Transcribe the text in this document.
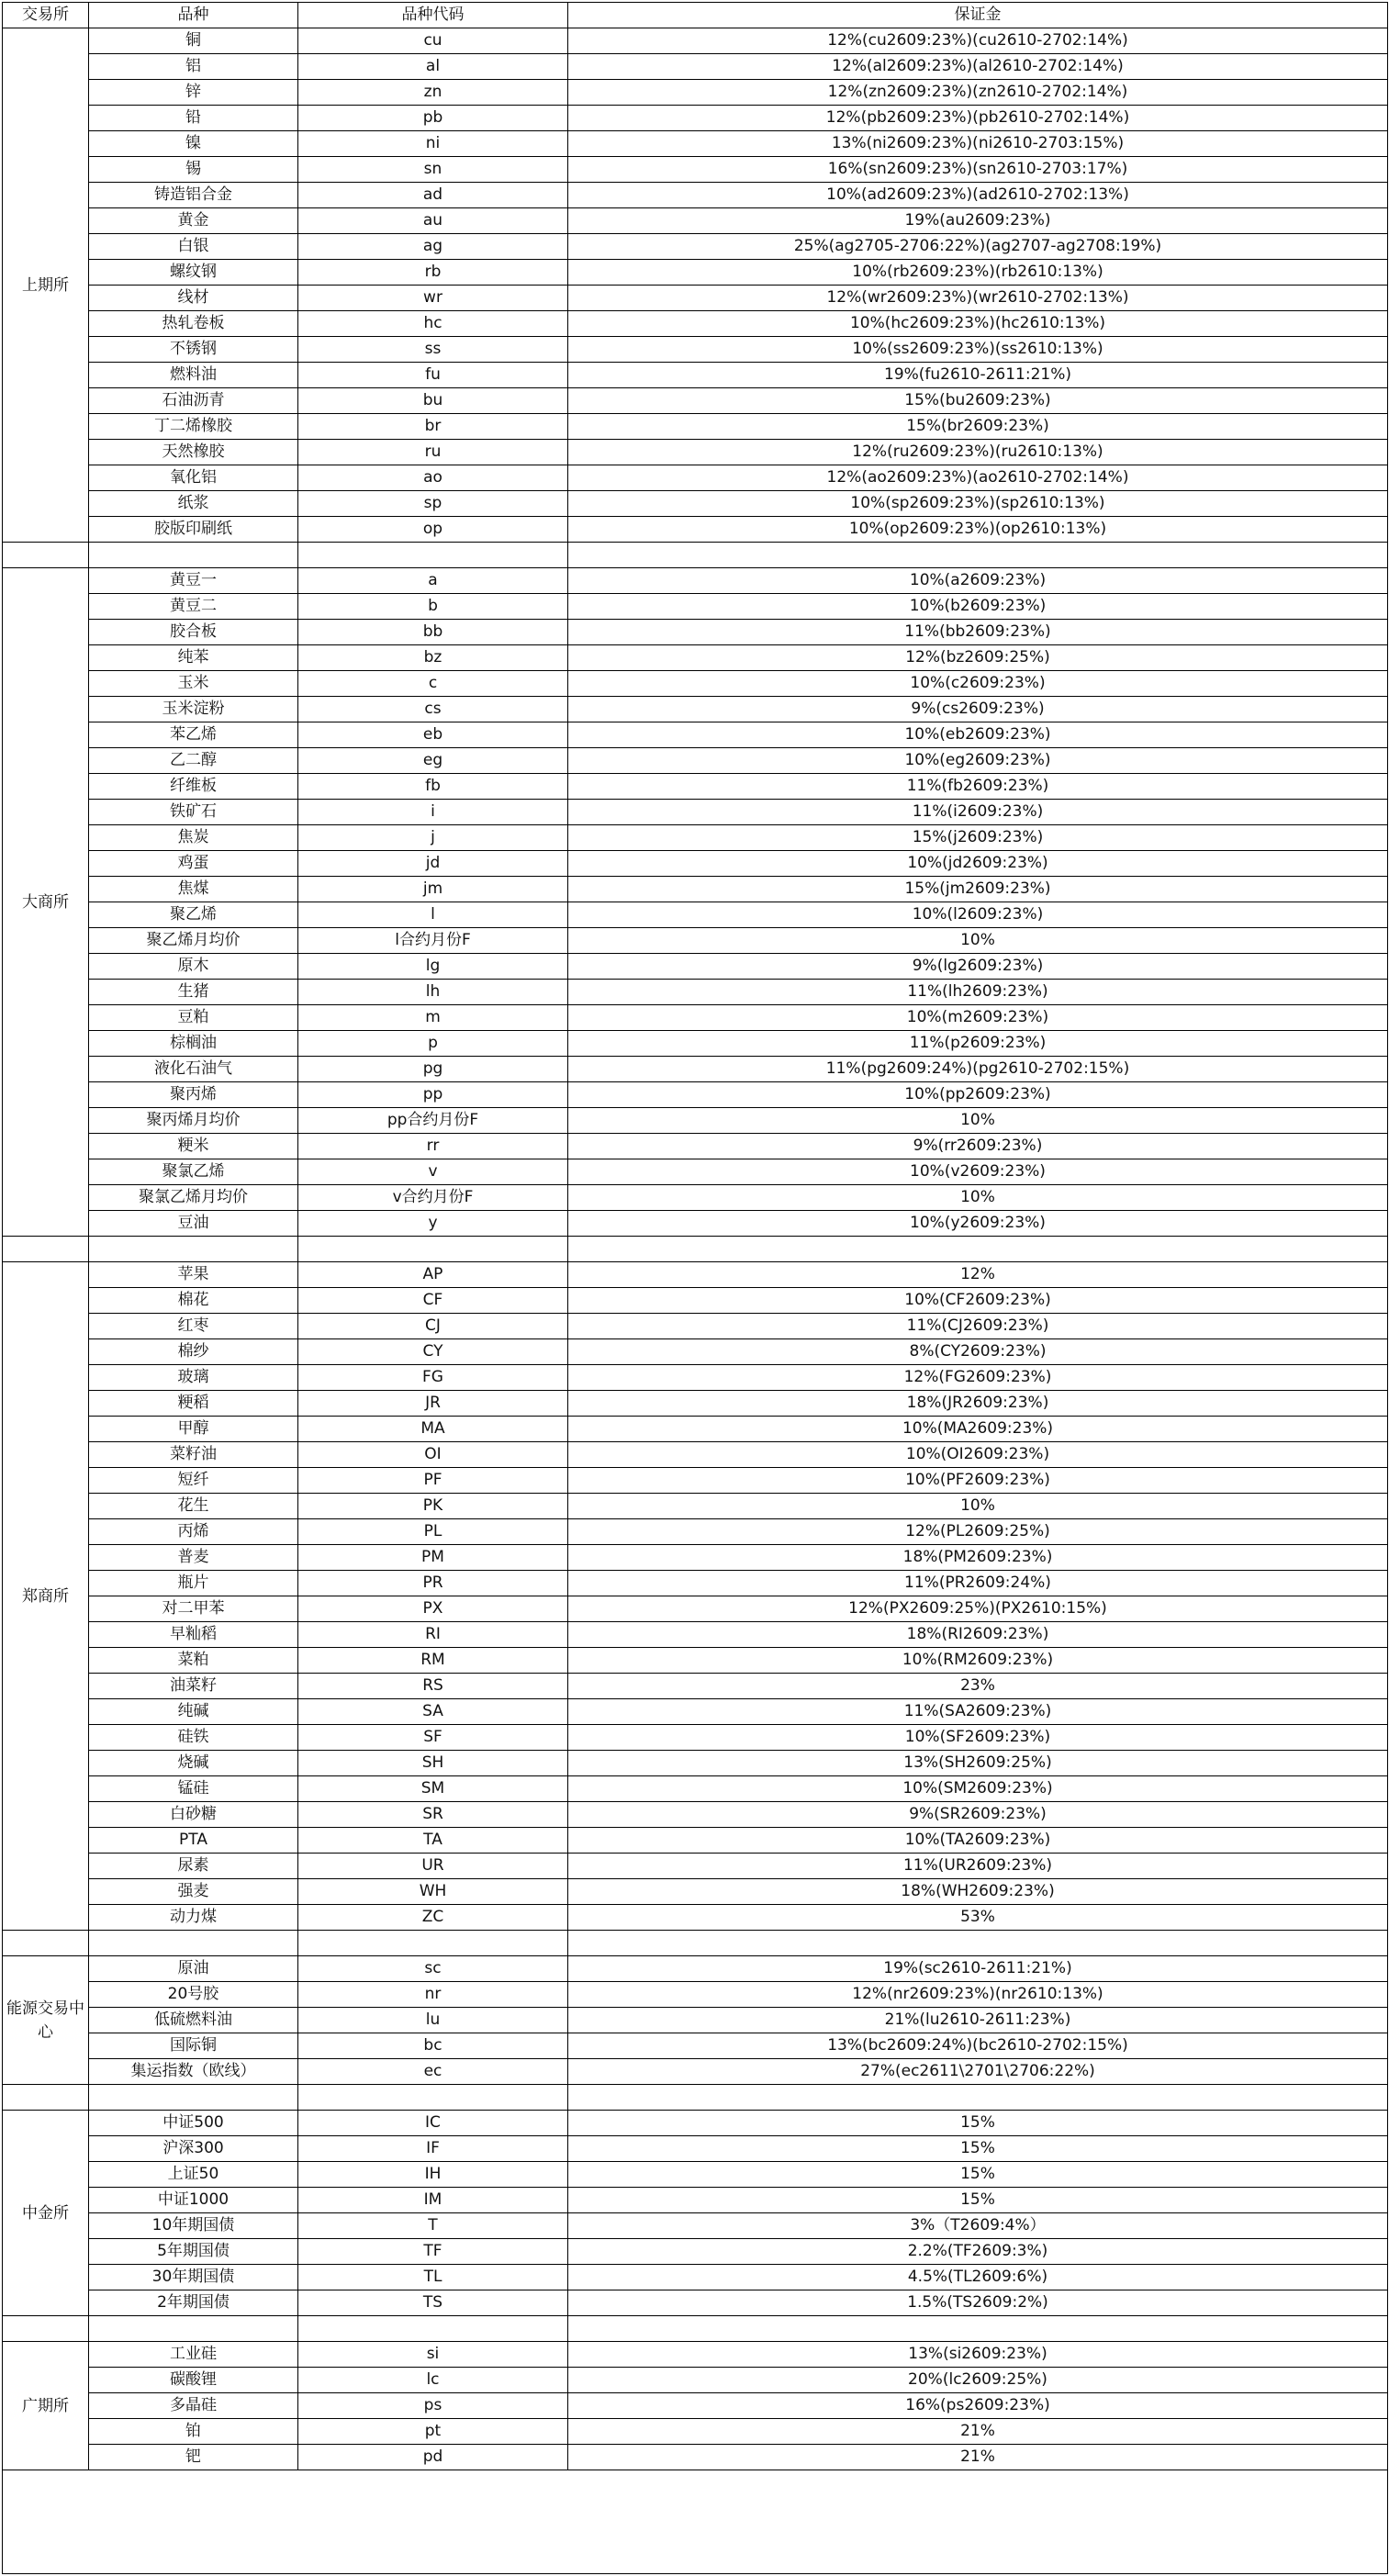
交易所	品种	品种代码	保证金
上期所	铜	cu	12%(cu2609:23%)(cu2610-2702:14%)
	铝	al	12%(al2609:23%)(al2610-2702:14%)
	锌	zn	12%(zn2609:23%)(zn2610-2702:14%)
	铅	pb	12%(pb2609:23%)(pb2610-2702:14%)
	镍	ni	13%(ni2609:23%)(ni2610-2703:15%)
	锡	sn	16%(sn2609:23%)(sn2610-2703:17%)
	铸造铝合金	ad	10%(ad2609:23%)(ad2610-2702:13%)
	黄金	au	19%(au2609:23%)
	白银	ag	25%(ag2705-2706:22%)(ag2707-ag2708:19%)
	螺纹钢	rb	10%(rb2609:23%)(rb2610:13%)
	线材	wr	12%(wr2609:23%)(wr2610-2702:13%)
	热轧卷板	hc	10%(hc2609:23%)(hc2610:13%)
	不锈钢	ss	10%(ss2609:23%)(ss2610:13%)
	燃料油	fu	19%(fu2610-2611:21%)
	石油沥青	bu	15%(bu2609:23%)
	丁二烯橡胶	br	15%(br2609:23%)
	天然橡胶	ru	12%(ru2609:23%)(ru2610:13%)
	氧化铝	ao	12%(ao2609:23%)(ao2610-2702:14%)
	纸浆	sp	10%(sp2609:23%)(sp2610:13%)
	胶版印刷纸	op	10%(op2609:23%)(op2610:13%)

大商所	黄豆一	a	10%(a2609:23%)
	黄豆二	b	10%(b2609:23%)
	胶合板	bb	11%(bb2609:23%)
	纯苯	bz	12%(bz2609:25%)
	玉米	c	10%(c2609:23%)
	玉米淀粉	cs	9%(cs2609:23%)
	苯乙烯	eb	10%(eb2609:23%)
	乙二醇	eg	10%(eg2609:23%)
	纤维板	fb	11%(fb2609:23%)
	铁矿石	i	11%(i2609:23%)
	焦炭	j	15%(j2609:23%)
	鸡蛋	jd	10%(jd2609:23%)
	焦煤	jm	15%(jm2609:23%)
	聚乙烯	l	10%(l2609:23%)
	聚乙烯月均价	l合约月份F	10%
	原木	lg	9%(lg2609:23%)
	生猪	lh	11%(lh2609:23%)
	豆粕	m	10%(m2609:23%)
	棕榈油	p	11%(p2609:23%)
	液化石油气	pg	11%(pg2609:24%)(pg2610-2702:15%)
	聚丙烯	pp	10%(pp2609:23%)
	聚丙烯月均价	pp合约月份F	10%
	粳米	rr	9%(rr2609:23%)
	聚氯乙烯	v	10%(v2609:23%)
	聚氯乙烯月均价	v合约月份F	10%
	豆油	y	10%(y2609:23%)

郑商所	苹果	AP	12%
	棉花	CF	10%(CF2609:23%)
	红枣	CJ	11%(CJ2609:23%)
	棉纱	CY	8%(CY2609:23%)
	玻璃	FG	12%(FG2609:23%)
	粳稻	JR	18%(JR2609:23%)
	甲醇	MA	10%(MA2609:23%)
	菜籽油	OI	10%(OI2609:23%)
	短纤	PF	10%(PF2609:23%)
	花生	PK	10%
	丙烯	PL	12%(PL2609:25%)
	普麦	PM	18%(PM2609:23%)
	瓶片	PR	11%(PR2609:24%)
	对二甲苯	PX	12%(PX2609:25%)(PX2610:15%)
	早籼稻	RI	18%(RI2609:23%)
	菜粕	RM	10%(RM2609:23%)
	油菜籽	RS	23%
	纯碱	SA	11%(SA2609:23%)
	硅铁	SF	10%(SF2609:23%)
	烧碱	SH	13%(SH2609:25%)
	锰硅	SM	10%(SM2609:23%)
	白砂糖	SR	9%(SR2609:23%)
	PTA	TA	10%(TA2609:23%)
	尿素	UR	11%(UR2609:23%)
	强麦	WH	18%(WH2609:23%)
	动力煤	ZC	53%

能源交易中心	原油	sc	19%(sc2610-2611:21%)
	20号胶	nr	12%(nr2609:23%)(nr2610:13%)
	低硫燃料油	lu	21%(lu2610-2611:23%)
	国际铜	bc	13%(bc2609:24%)(bc2610-2702:15%)
	集运指数（欧线）	ec	27%(ec2611\2701\2706:22%)

中金所	中证500	IC	15%
	沪深300	IF	15%
	上证50	IH	15%
	中证1000	IM	15%
	10年期国债	T	3%（T2609:4%）
	5年期国债	TF	2.2%(TF2609:3%)
	30年期国债	TL	4.5%(TL2609:6%)
	2年期国债	TS	1.5%(TS2609:2%)

广期所	工业硅	si	13%(si2609:23%)
	碳酸锂	lc	20%(lc2609:25%)
	多晶硅	ps	16%(ps2609:23%)
	铂	pt	21%
	钯	pd	21%
